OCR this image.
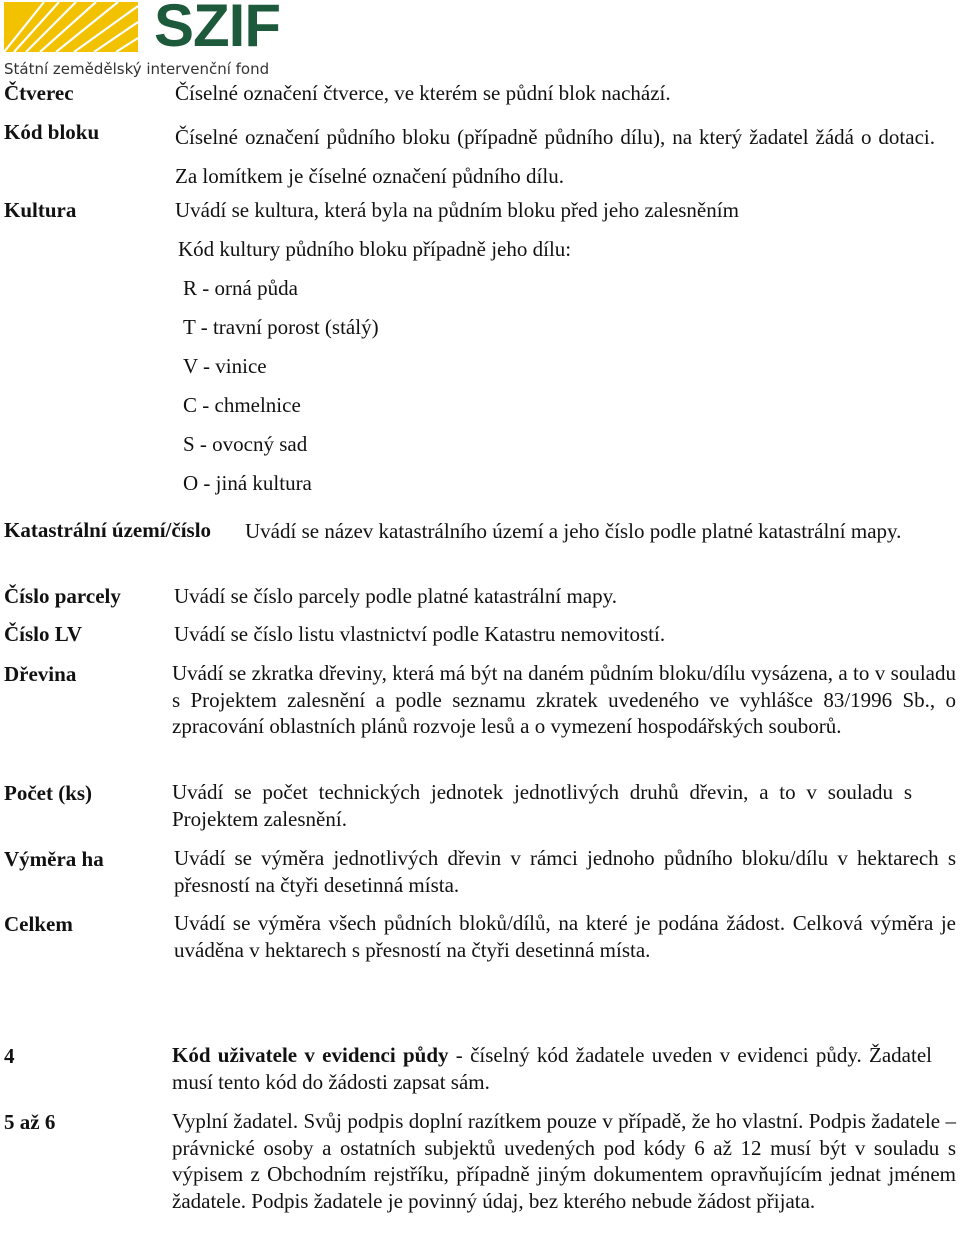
SZIF
Státní zemědělský intervenční fond
Čtverec	Číselné označení čtverce, ve kterém se půdní blok nachází.
Kód bloku	Číselné označení půdního bloku (případně půdního dílu), na který žadatel žádá o dotaci. Za lomítkem je číselné označení půdního dílu.
Kultura	Uvádí se kultura, která byla na půdním bloku před jeho zalesněním
Kód kultury půdního bloku případně jeho dílu:
R - orná půda
T - travní porost (stálý)
V - vinice
C - chmelnice
S - ovocný sad
O - jiná kultura
Katastrální území/číslo Uvádí se název katastrálního území a jeho číslo podle platné katastrální mapy.
Číslo parcely	Uvádí se číslo parcely podle platné katastrální mapy.
Číslo LV	Uvádí se číslo listu vlastnictví podle Katastru nemovitostí.
Dřevina	Uvádí se zkratka dřeviny, která má být na daném půdním bloku/dílu vysázena, a to v souladu s Projektem zalesnění a podle seznamu zkratek uvedeného ve vyhlášce 83/1996 Sb., o zpracování oblastních plánů rozvoje lesů a o vymezení hospodářských souborů.
Počet (ks)	Uvádí se počet technických jednotek jednotlivých druhů dřevin, a to v souladu s Projektem zalesnění.
Výměra ha	Uvádí se výměra jednotlivých dřevin v rámci jednoho půdního bloku/dílu v hektarech s přesností na čtyři desetinná místa.
Celkem	Uvádí se výměra všech půdních bloků/dílů, na které je podána žádost. Celková výměra je uváděna v hektarech s přesností na čtyři desetinná místa.
4	Kód uživatele v evidenci půdy - číselný kód žadatele uveden v evidenci půdy. Žadatel musí tento kód do žádosti zapsat sám.
5 až 6	Vyplní žadatel. Svůj podpis doplní razítkem pouze v případě, že ho vlastní. Podpis žadatele – právnické osoby a ostatních subjektů uvedených pod kódy 6 až 12 musí být v souladu s výpisem z Obchodním rejstříku, případně jiným dokumentem opravňujícím jednat jménem žadatele. Podpis žadatele je povinný údaj, bez kterého nebude žádost přijata.
